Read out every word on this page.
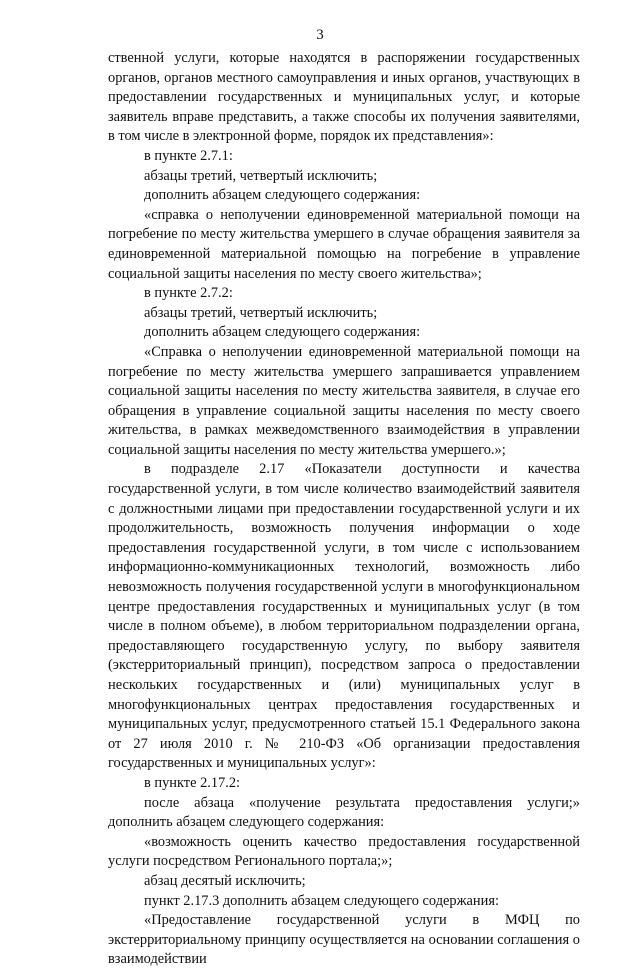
3

ственной услуги, которые находятся в распоряжении государственных органов, органов местного самоуправления и иных органов, участвующих в предоставлении государственных и муниципальных услуг, и которые заявитель вправе представить, а также способы их получения заявителями, в том числе в электронной форме, порядок их представления»:

в пункте 2.7.1:

абзацы третий, четвертый исключить;

дополнить абзацем следующего содержания:

«справка о неполучении единовременной материальной помощи на погребение по месту жительства умершего в случае обращения заявителя за единовременной материальной помощью на погребение в управление социальной защиты населения по месту своего жительства»;

в пункте 2.7.2:

абзацы третий, четвертый исключить;

дополнить абзацем следующего содержания:

«Справка о неполучении единовременной материальной помощи на погребение по месту жительства умершего запрашивается управлением социальной защиты населения по месту жительства заявителя, в случае его обращения в управление социальной защиты населения по месту своего жительства, в рамках межведомственного взаимодействия в управлении социальной защиты населения по месту жительства умершего.»;

в подразделе 2.17 «Показатели доступности и качества государственной услуги, в том числе количество взаимодействий заявителя с должностными лицами при предоставлении государственной услуги и их продолжительность, возможность получения информации о ходе предоставления государственной услуги, в том числе с использованием информационно-коммуникационных технологий, возможность либо невозможность получения государственной услуги в многофункциональном центре предоставления государственных и муниципальных услуг (в том числе в полном объеме), в любом территориальном подразделении органа, предоставляющего государственную услугу, по выбору заявителя (экстерриториальный принцип), посредством запроса о предоставлении нескольких государственных и (или) муниципальных услуг в многофункциональных центрах предоставления государственных и муниципальных услуг, предусмотренного статьей 15.1 Федерального закона от 27 июля 2010 г. № 210-ФЗ «Об организации предоставления государственных и муниципальных услуг»:

в пункте 2.17.2:

после абзаца «получение результата предоставления услуги;» дополнить абзацем следующего содержания:

«возможность оценить качество предоставления государственной услуги посредством Регионального портала;»;

абзац десятый исключить;

пункт 2.17.3 дополнить абзацем следующего содержания:

«Предоставление государственной услуги в МФЦ по экстерриториальному принципу осуществляется на основании соглашения о взаимодействии
